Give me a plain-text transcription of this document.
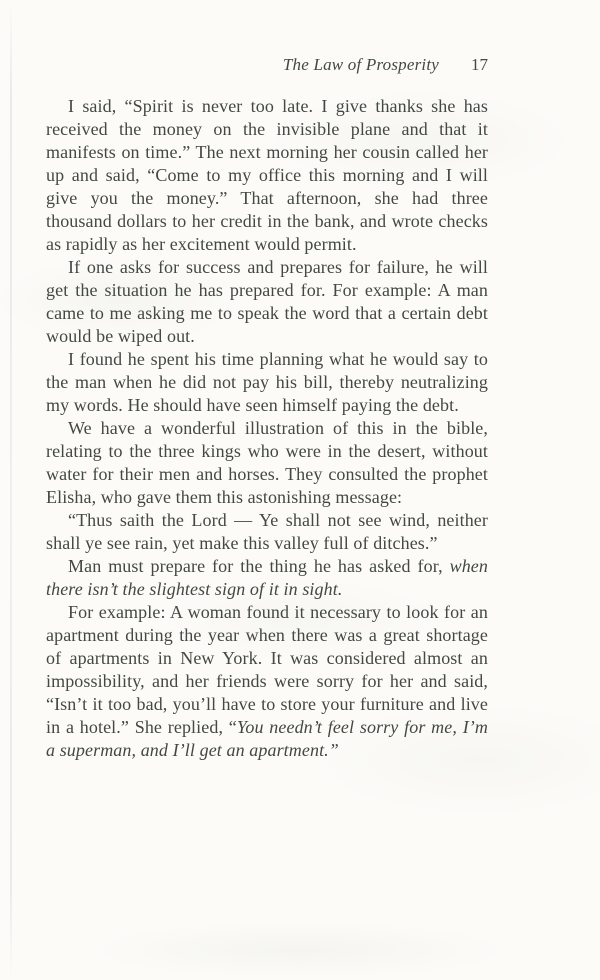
The Law of Prosperity 17

I said, “Spirit is never too late. I give thanks she has received the money on the invisible plane and that it manifests on time.” The next morning her cousin called her up and said, “Come to my office this morning and I will give you the money.” That afternoon, she had three thousand dollars to her credit in the bank, and wrote checks as rapidly as her excitement would permit.

If one asks for success and prepares for failure, he will get the situation he has prepared for. For example: A man came to me asking me to speak the word that a certain debt would be wiped out.

I found he spent his time planning what he would say to the man when he did not pay his bill, thereby neutralizing my words. He should have seen himself paying the debt.

We have a wonderful illustration of this in the bible, relating to the three kings who were in the desert, without water for their men and horses. They consulted the prophet Elisha, who gave them this astonishing message:

“Thus saith the Lord — Ye shall not see wind, neither shall ye see rain, yet make this valley full of ditches.”

Man must prepare for the thing he has asked for, when there isn’t the slightest sign of it in sight.

For example: A woman found it necessary to look for an apartment during the year when there was a great shortage of apartments in New York. It was considered almost an impossibility, and her friends were sorry for her and said, “Isn’t it too bad, you’ll have to store your furniture and live in a hotel.” She replied, “You needn’t feel sorry for me, I’m a superman, and I’ll get an apartment.”
